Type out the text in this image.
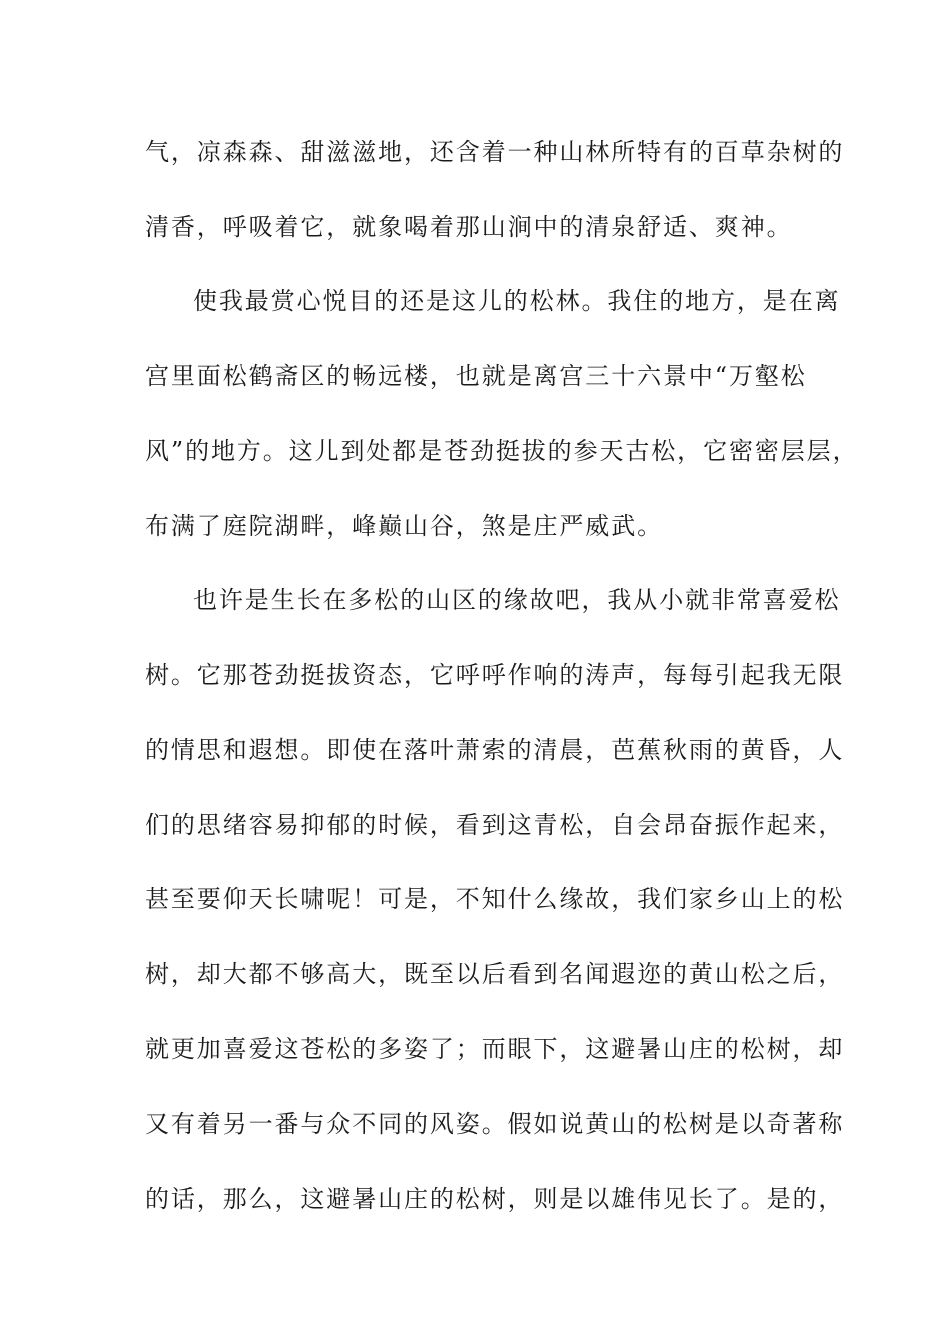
气，凉森森、甜滋滋地，还含着一种山林所特有的百草杂树的
清香，呼吸着它，就象喝着那山涧中的清泉舒适、爽神。
使我最赏心悦目的还是这儿的松林。我住的地方，是在离
宫里面松鹤斋区的畅远楼，也就是离宫三十六景中“万壑松
风”的地方。这儿到处都是苍劲挺拔的参天古松，它密密层层，
布满了庭院湖畔，峰巅山谷，煞是庄严威武。
也许是生长在多松的山区的缘故吧，我从小就非常喜爱松
树。它那苍劲挺拔资态，它呼呼作响的涛声，每每引起我无限
的情思和遐想。即使在落叶萧索的清晨，芭蕉秋雨的黄昏，人
们的思绪容易抑郁的时候，看到这青松，自会昂奋振作起来，
甚至要仰天长啸呢！可是，不知什么缘故，我们家乡山上的松
树，却大都不够高大，既至以后看到名闻遐迩的黄山松之后，
就更加喜爱这苍松的多姿了；而眼下，这避暑山庄的松树，却
又有着另一番与众不同的风姿。假如说黄山的松树是以奇著称
的话，那么，这避暑山庄的松树，则是以雄伟见长了。是的，
